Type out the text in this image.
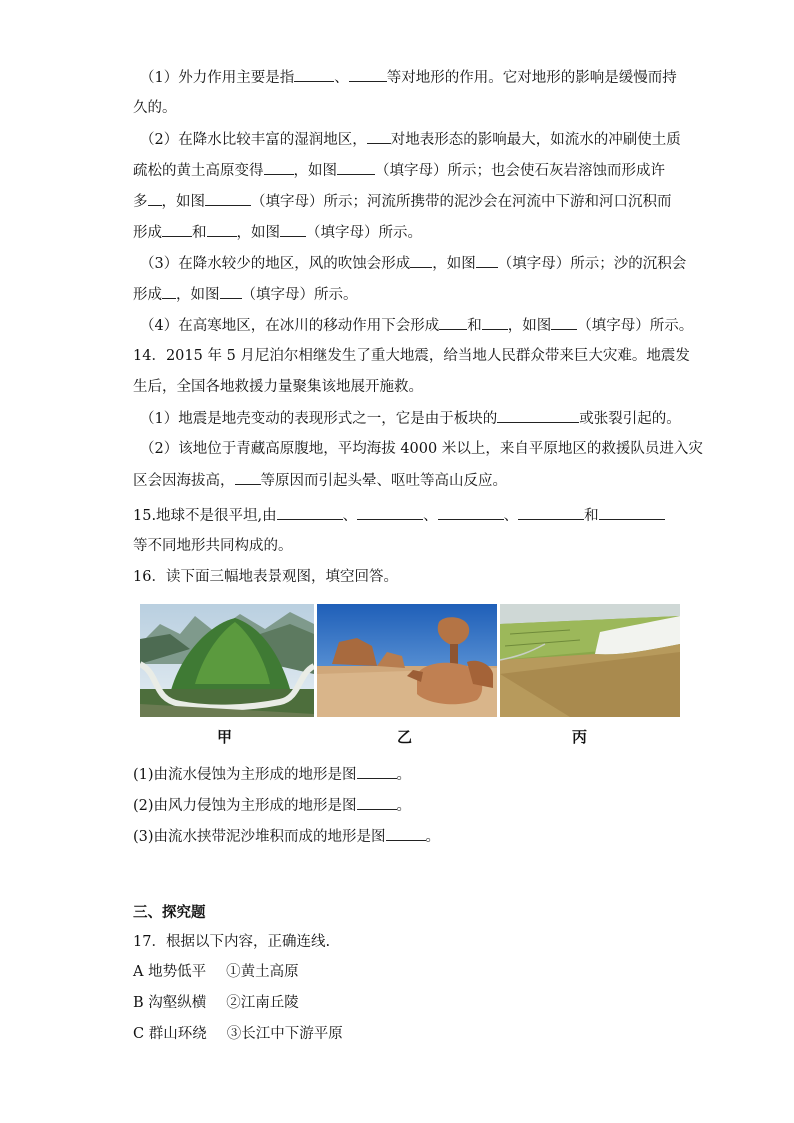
（1）外力作用主要是指	、	等对地形的作用。它对地形的影响是缓慢而持
久的。
（2）在降水比较丰富的湿润地区， 对地表形态的影响最大，如流水的冲刷使土质
疏松的黄土高原变得 ，如图	（填字母）所示；也会使石灰岩溶蚀而形成许
多 ，如图	（填字母）所示；河流所携带的泥沙会在河流中下游和河口沉积而
形成 和 ，如图 （填字母）所示。
（3）在降水较少的地区，风的吹蚀会形成 ，如图 （填字母）所示；沙的沉积会
形成 ，如图 （填字母）所示。
（4）在高寒地区，在冰川的移动作用下会形成 和 ，如图 （填字母）所示。
14．2015 年 5 月尼泊尔相继发生了重大地震，给当地人民群众带来巨大灾难。地震发
生后，全国各地救援力量聚集该地展开施救。
（1）地震是地壳变动的表现形式之一，它是由于板块的	或张裂引起的。
（2）该地位于青藏高原腹地，平均海拔 4000 米以上，来自平原地区的救援队员进入灾
区会因海拔高， 等原因而引起头晕、呕吐等高山反应。
15.地球不是很平坦,由	、	、	、	和
等不同地形共同构成的。
16．读下面三幅地表景观图，填空回答。
甲	乙	丙
(1)由流水侵蚀为主形成的地形是图	。
(2)由风力侵蚀为主形成的地形是图	。
(3)由流水挟带泥沙堆积而成的地形是图	。
三、探究题
17．根据以下内容，正确连线.
A 地势低平 ①黄土高原
B 沟壑纵横 ②江南丘陵
C 群山环绕 ③长江中下游平原
